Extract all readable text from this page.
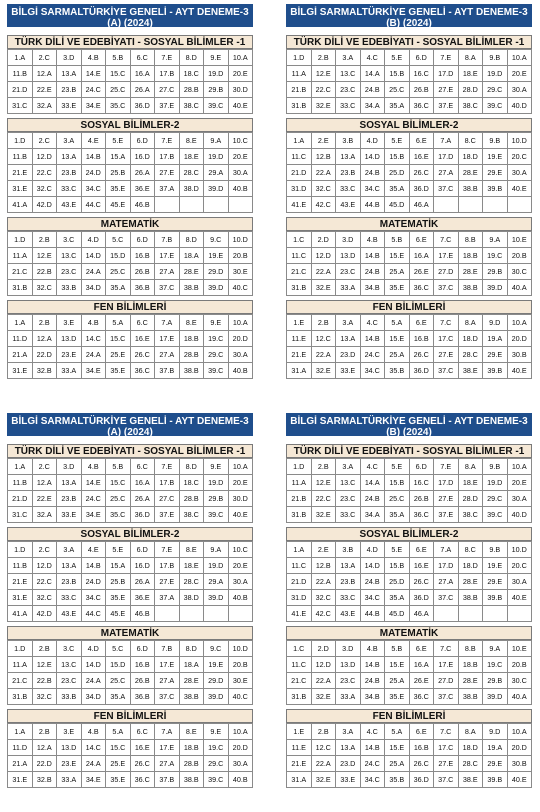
BİLGİ SARMALTÜRKİYE GENELİ - AYT DENEME-3
(A) (2024)
TÜRK DİLİ VE EDEBİYATI - SOSYAL BİLİMLER -1
1.A	2.C	3.D	4.B	5.B	6.C	7.E	8.D	9.E	10.A
11.B	12.A	13.A	14.E	15.C	16.A	17.B	18.C	19.D	20.E
21.D	22.E	23.B	24.C	25.C	26.A	27.C	28.B	29.B	30.D
31.C	32.A	33.E	34.E	35.C	36.D	37.E	38.C	39.C	40.E
SOSYAL BİLİMLER-2
1.D	2.C	3.A	4.E	5.E	6.D	7.E	8.E	9.A	10.C
11.B	12.D	13.A	14.B	15.A	16.D	17.B	18.E	19.D	20.E
21.E	22.C	23.B	24.D	25.B	26.A	27.E	28.C	29.A	30.A
31.E	32.C	33.C	34.C	35.E	36.E	37.A	38.D	39.D	40.B
41.A	42.D	43.E	44.C	45.E	46.B				
MATEMATİK
1.D	2.B	3.C	4.D	5.C	6.D	7.B	8.D	9.C	10.D
11.A	12.E	13.C	14.D	15.D	16.B	17.E	18.A	19.E	20.B
21.C	22.B	23.C	24.A	25.C	26.B	27.A	28.E	29.D	30.E
31.B	32.C	33.B	34.D	35.A	36.B	37.C	38.B	39.D	40.C
FEN BİLİMLERİ
1.A	2.B	3.E	4.B	5.A	6.C	7.A	8.E	9.E	10.A
11.D	12.A	13.D	14.C	15.C	16.E	17.E	18.B	19.C	20.D
21.A	22.D	23.E	24.A	25.E	26.C	27.A	28.B	29.C	30.A
31.E	32.B	33.A	34.E	35.E	36.C	37.B	38.B	39.C	40.B
BİLGİ SARMALTÜRKİYE GENELİ - AYT DENEME-3
(B) (2024)
TÜRK DİLİ VE EDEBİYATI - SOSYAL BİLİMLER -1
1.D	2.B	3.A	4.C	5.E	6.D	7.E	8.A	9.B	10.A
11.A	12.E	13.C	14.A	15.B	16.C	17.D	18.E	19.D	20.E
21.B	22.C	23.C	24.B	25.C	26.B	27.E	28.D	29.C	30.A
31.B	32.E	33.C	34.A	35.A	36.C	37.E	38.C	39.C	40.D
SOSYAL BİLİMLER-2
1.A	2.E	3.B	4.D	5.E	6.E	7.A	8.C	9.B	10.D
11.C	12.B	13.A	14.D	15.B	16.E	17.D	18.D	19.E	20.C
21.D	22.A	23.B	24.B	25.D	26.C	27.A	28.E	29.E	30.A
31.D	32.C	33.C	34.C	35.A	36.D	37.C	38.B	39.B	40.E
41.E	42.C	43.E	44.B	45.D	46.A				
MATEMATİK
1.C	2.D	3.D	4.B	5.B	6.E	7.C	8.B	9.A	10.E
11.C	12.D	13.D	14.B	15.E	16.A	17.E	18.B	19.C	20.B
21.C	22.A	23.C	24.B	25.A	26.E	27.D	28.E	29.B	30.C
31.B	32.E	33.A	34.B	35.E	36.C	37.C	38.B	39.D	40.A
FEN BİLİMLERİ
1.E	2.B	3.A	4.C	5.A	6.E	7.C	8.A	9.D	10.A
11.E	12.C	13.A	14.B	15.E	16.B	17.C	18.D	19.A	20.D
21.E	22.A	23.D	24.C	25.A	26.C	27.E	28.C	29.E	30.B
31.A	32.E	33.E	34.C	35.B	36.D	37.C	38.E	39.B	40.E
BİLGİ SARMALTÜRKİYE GENELİ - AYT DENEME-3
(A) (2024)
TÜRK DİLİ VE EDEBİYATI - SOSYAL BİLİMLER -1
1.A	2.C	3.D	4.B	5.B	6.C	7.E	8.D	9.E	10.A
11.B	12.A	13.A	14.E	15.C	16.A	17.B	18.C	19.D	20.E
21.D	22.E	23.B	24.C	25.C	26.A	27.C	28.B	29.B	30.D
31.C	32.A	33.E	34.E	35.C	36.D	37.E	38.C	39.C	40.E
SOSYAL BİLİMLER-2
1.D	2.C	3.A	4.E	5.E	6.D	7.E	8.E	9.A	10.C
11.B	12.D	13.A	14.B	15.A	16.D	17.B	18.E	19.D	20.E
21.E	22.C	23.B	24.D	25.B	26.A	27.E	28.C	29.A	30.A
31.E	32.C	33.C	34.C	35.E	36.E	37.A	38.D	39.D	40.B
41.A	42.D	43.E	44.C	45.E	46.B				
MATEMATİK
1.D	2.B	3.C	4.D	5.C	6.D	7.B	8.D	9.C	10.D
11.A	12.E	13.C	14.D	15.D	16.B	17.E	18.A	19.E	20.B
21.C	22.B	23.C	24.A	25.C	26.B	27.A	28.E	29.D	30.E
31.B	32.C	33.B	34.D	35.A	36.B	37.C	38.B	39.D	40.C
FEN BİLİMLERİ
1.A	2.B	3.E	4.B	5.A	6.C	7.A	8.E	9.E	10.A
11.D	12.A	13.D	14.C	15.C	16.E	17.E	18.B	19.C	20.D
21.A	22.D	23.E	24.A	25.E	26.C	27.A	28.B	29.C	30.A
31.E	32.B	33.A	34.E	35.E	36.C	37.B	38.B	39.C	40.B
BİLGİ SARMALTÜRKİYE GENELİ - AYT DENEME-3
(B) (2024)
TÜRK DİLİ VE EDEBİYATI - SOSYAL BİLİMLER -1
1.D	2.B	3.A	4.C	5.E	6.D	7.E	8.A	9.B	10.A
11.A	12.E	13.C	14.A	15.B	16.C	17.D	18.E	19.D	20.E
21.B	22.C	23.C	24.B	25.C	26.B	27.E	28.D	29.C	30.A
31.B	32.E	33.C	34.A	35.A	36.C	37.E	38.C	39.C	40.D
SOSYAL BİLİMLER-2
1.A	2.E	3.B	4.D	5.E	6.E	7.A	8.C	9.B	10.D
11.C	12.B	13.A	14.D	15.B	16.E	17.D	18.D	19.E	20.C
21.D	22.A	23.B	24.B	25.D	26.C	27.A	28.E	29.E	30.A
31.D	32.C	33.C	34.C	35.A	36.D	37.C	38.B	39.B	40.E
41.E	42.C	43.E	44.B	45.D	46.A				
MATEMATİK
1.C	2.D	3.D	4.B	5.B	6.E	7.C	8.B	9.A	10.E
11.C	12.D	13.D	14.B	15.E	16.A	17.E	18.B	19.C	20.B
21.C	22.A	23.C	24.B	25.A	26.E	27.D	28.E	29.B	30.C
31.B	32.E	33.A	34.B	35.E	36.C	37.C	38.B	39.D	40.A
FEN BİLİMLERİ
1.E	2.B	3.A	4.C	5.A	6.E	7.C	8.A	9.D	10.A
11.E	12.C	13.A	14.B	15.E	16.B	17.C	18.D	19.A	20.D
21.E	22.A	23.D	24.C	25.A	26.C	27.E	28.C	29.E	30.B
31.A	32.E	33.E	34.C	35.B	36.D	37.C	38.E	39.B	40.E
